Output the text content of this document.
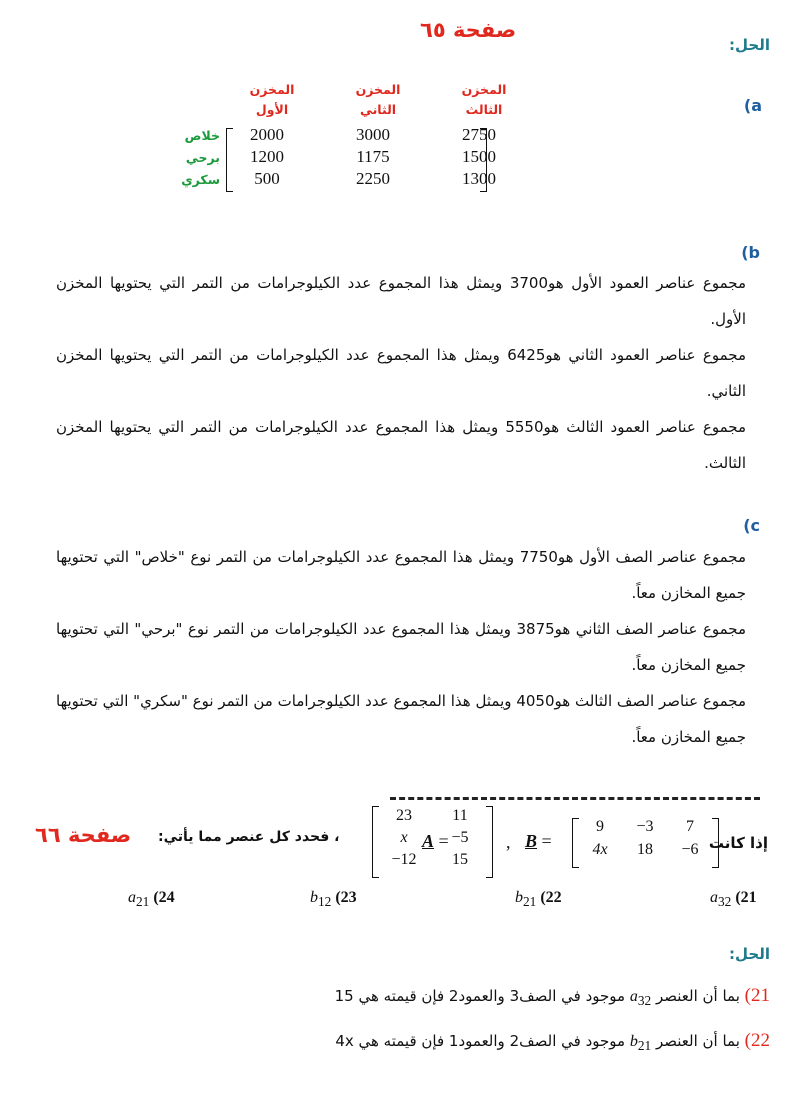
صفحة ٦٥
الحل:
(a
المخزن
الأول
المخزن
الثاني
المخزن
الثالث
خلاص
برحي
سكري
2000	3000	2750
1200	1175	1500
500	2250	1300
(b
مجموع عناصر العمود الأول هو3700 ويمثل هذا المجموع عدد الكيلوجرامات من التمر التي يحتويها المخزن الأول.
مجموع عناصر العمود الثاني هو6425 ويمثل هذا المجموع عدد الكيلوجرامات من التمر التي يحتويها المخزن الثاني.
مجموع عناصر العمود الثالث هو5550 ويمثل هذا المجموع عدد الكيلوجرامات من التمر التي يحتويها المخزن الثالث.
(c
مجموع عناصر الصف الأول هو7750 ويمثل هذا المجموع عدد الكيلوجرامات من التمر نوع "خلاص" التي تحتويها جميع المخازن معاً.
مجموع عناصر الصف الثاني هو3875 ويمثل هذا المجموع عدد الكيلوجرامات من التمر نوع "برحي" التي تحتويها جميع المخازن معاً.
مجموع عناصر الصف الثالث هو4050 ويمثل هذا المجموع عدد الكيلوجرامات من التمر نوع "سكري" التي تحتويها جميع المخازن معاً.
صفحة ٦٦ ، فحدد كل عنصر مما يأتي:	إذا كانت
B =
9	−3	7
4x	18	−6
,
A =
23	11
x	−5
−12	15
$a_{32}$ (21
$b_{21}$ (22
$b_{12}$ (23
$a_{21}$ (24
الحل:
21) بما أن العنصر $a_{32}$ موجود في الصف3 والعمود2 فإن قيمته هي 15
22) بما أن العنصر $b_{21}$ موجود في الصف2 والعمود1 فإن قيمته هي 4x
